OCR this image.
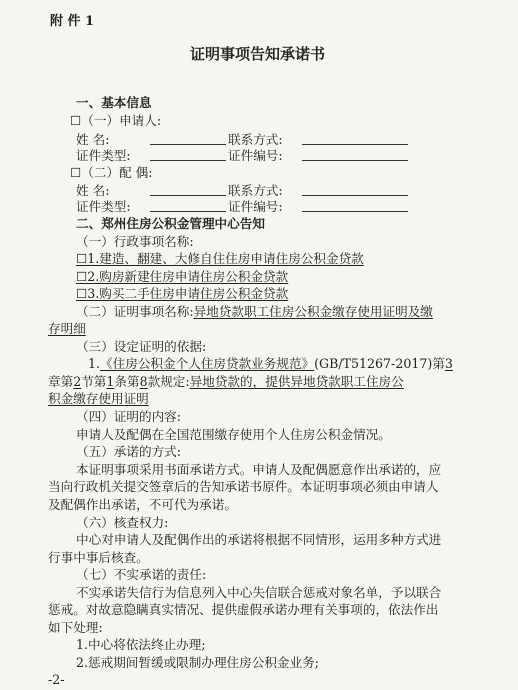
附 件 1
证明事项告知承诺书
一、基本信息
☐（一）申请人:
姓 名:	联系方式:
证件类型:	证件编号:
☐（二）配 偶:
姓 名:	联系方式:
证件类型:	证件编号:
二、郑州住房公积金管理中心告知
（一）行政事项名称:
☐1.建造、翻建、大修自住住房申请住房公积金贷款
☐2.购房新建住房申请住房公积金贷款
☐3.购买二手住房申请住房公积金贷款
（二）证明事项名称:异地贷款职工住房公积金缴存使用证明及缴
存明细
（三）设定证明的依据:
1.《住房公积金个人住房贷款业务规范》(GB/T51267-2017)第3
章第2节第1条第8款规定:异地贷款的，提供异地贷款职工住房公
积金缴存使用证明
（四）证明的内容:
申请人及配偶在全国范围缴存使用个人住房公积金情况。
（五）承诺的方式:
本证明事项采用书面承诺方式。申请人及配偶愿意作出承诺的，应
当向行政机关提交签章后的告知承诺书原件。本证明事项必须由申请人
及配偶作出承诺，不可代为承诺。
（六）核查权力:
中心对申请人及配偶作出的承诺将根据不同情形，运用多种方式进
行事中事后核查。
（七）不实承诺的责任:
不实承诺失信行为信息列入中心失信联合惩戒对象名单，予以联合
惩戒。对故意隐瞒真实情况、提供虚假承诺办理有关事项的，依法作出
如下处理:
1.中心将依法终止办理;
2.惩戒期间暂缓或限制办理住房公积金业务;
-2-
